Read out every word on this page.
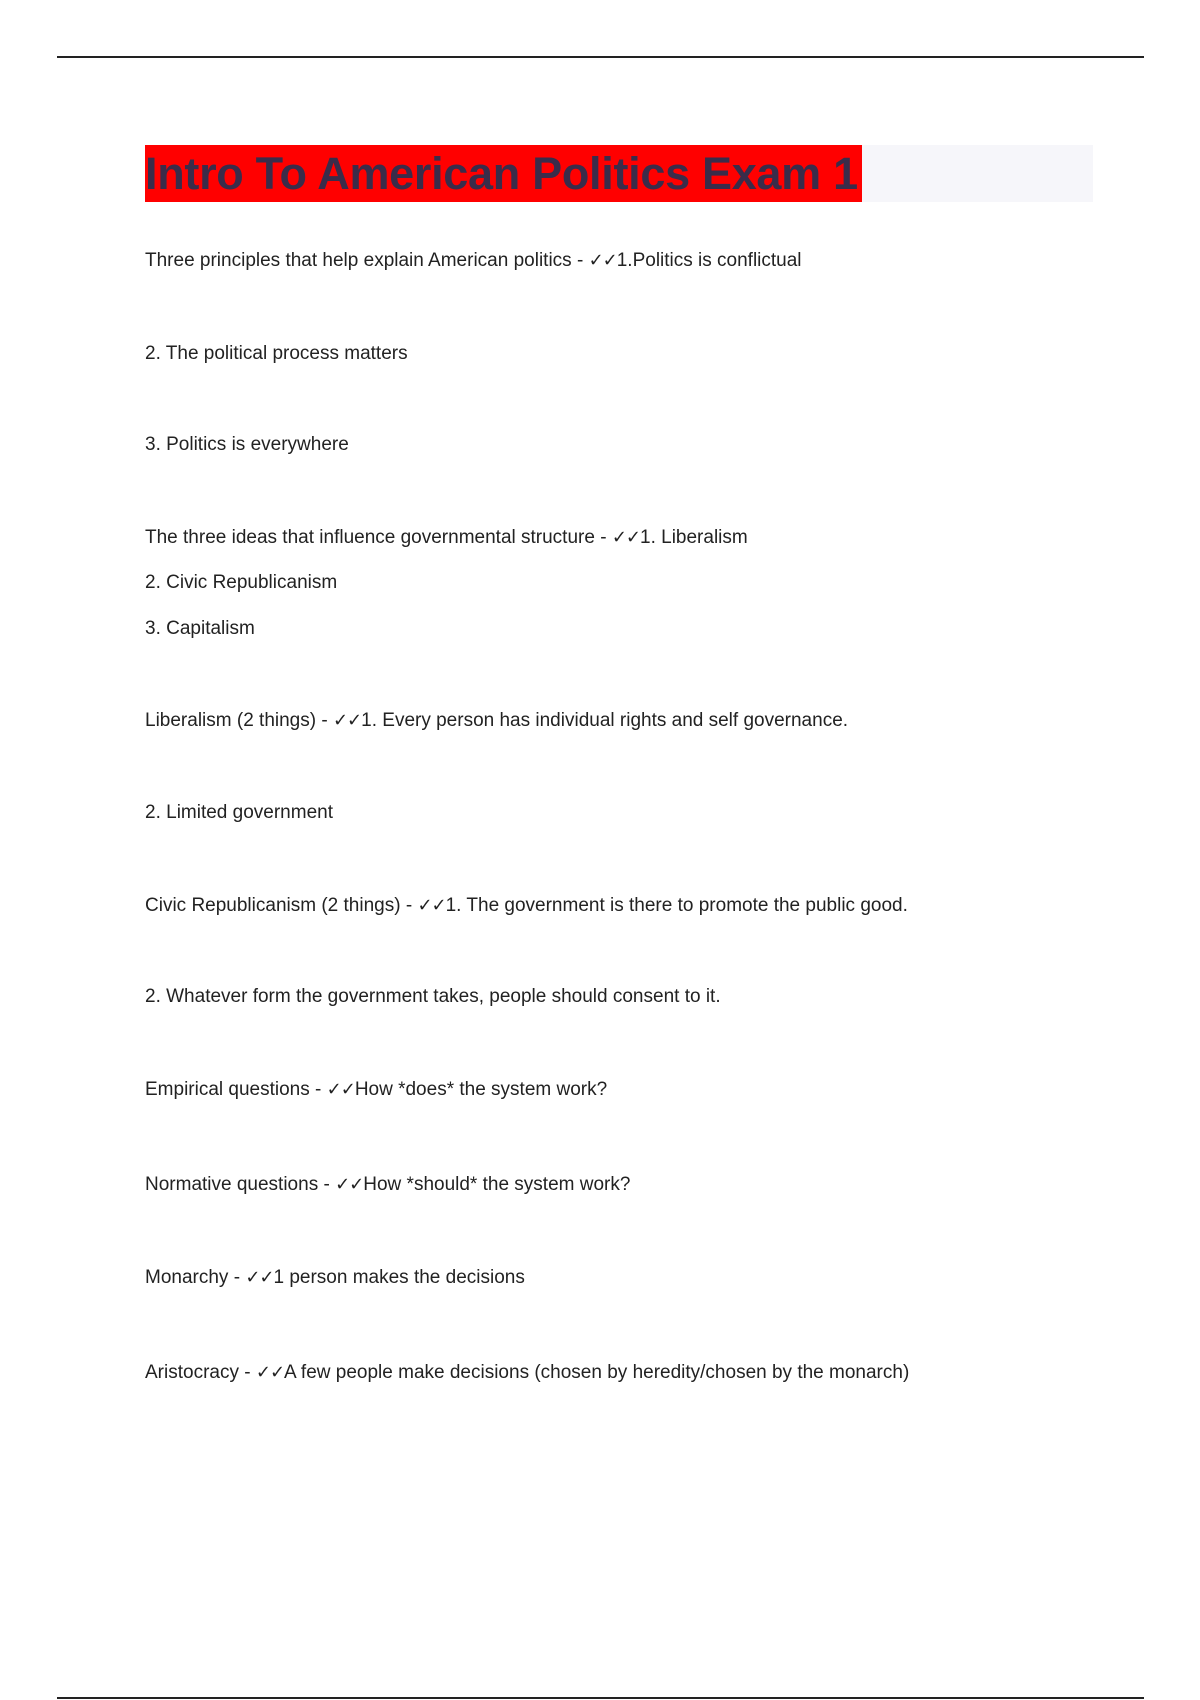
Intro To American Politics Exam 1
Three principles that help explain American politics - ✓✓1.Politics is conflictual
2. The political process matters
3. Politics is everywhere
The three ideas that influence governmental structure - ✓✓1. Liberalism
2. Civic Republicanism
3. Capitalism
Liberalism (2 things) - ✓✓1. Every person has individual rights and self governance.
2. Limited government
Civic Republicanism (2 things) - ✓✓1. The government is there to promote the public good.
2. Whatever form the government takes, people should consent to it.
Empirical questions - ✓✓How *does* the system work?
Normative questions - ✓✓How *should* the system work?
Monarchy - ✓✓1 person makes the decisions
Aristocracy - ✓✓A few people make decisions (chosen by heredity/chosen by the monarch)
